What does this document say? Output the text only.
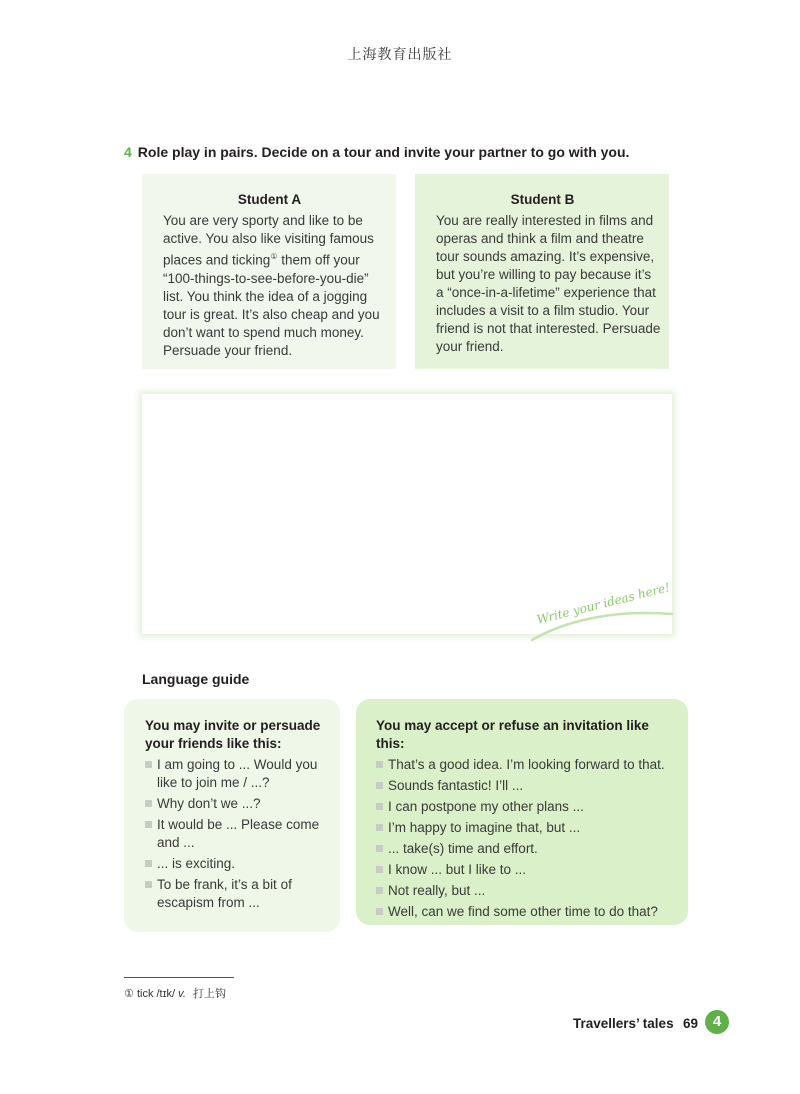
上海教育出版社
4 Role play in pairs. Decide on a tour and invite your partner to go with you.
Student A
You are very sporty and like to be
active. You also like visiting famous
places and ticking① them off your
“100-things-to-see-before-you-die”
list. You think the idea of a jogging
tour is great. It’s also cheap and you
don’t want to spend much money.
Persuade your friend.
Student B
You are really interested in films and
operas and think a film and theatre
tour sounds amazing. It’s expensive,
but you’re willing to pay because it’s
a “once-in-a-lifetime” experience that
includes a visit to a film studio. Your
friend is not that interested. Persuade
your friend.
Write your ideas here!
Language guide
You may invite or persuade
your friends like this:
I am going to ... Would you
like to join me / ...?
Why don’t we ...?
It would be ... Please come
and ...
... is exciting.
To be frank, it’s a bit of
escapism from ...
You may accept or refuse an invitation like this:
That’s a good idea. I’m looking forward to that.
Sounds fantastic! I’ll ...
I can postpone my other plans ...
I’m happy to imagine that, but ...
... take(s) time and effort.
I know ... but I like to ...
Not really, but ...
Well, can we find some other time to do that?
① tick /tɪk/ v. 打上钩
Travellers’ tales 69 4
